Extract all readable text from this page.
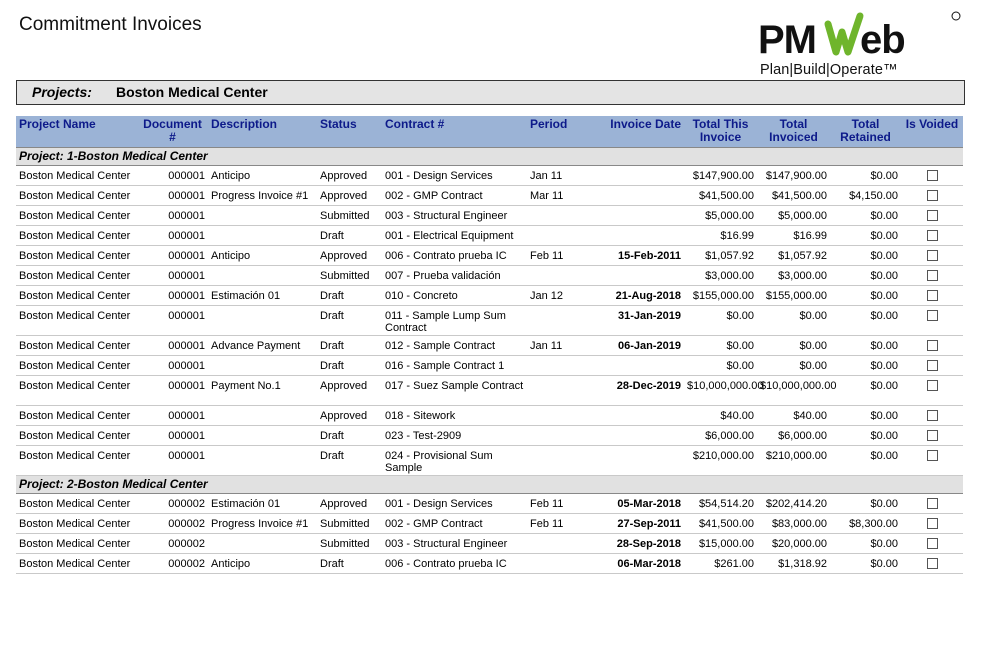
Commitment Invoices	PM eb
Plan|Build|Operate™
Projects: Boston Medical Center
Project Name	Document #	Description	Status	Contract #	Period	Invoice Date	Total This Invoice	Total Invoiced	Total Retained	Is Voided
Project: 1-Boston Medical Center										
Boston Medical Center	000001	Anticipo	Approved	001 - Design Services	Jan 11		$147,900.00	$147,900.00	$0.00	
Boston Medical Center	000001	Progress Invoice #1	Approved	002 - GMP Contract	Mar 11		$41,500.00	$41,500.00	$4,150.00	
Boston Medical Center	000001		Submitted	003 - Structural Engineer			$5,000.00	$5,000.00	$0.00	
Boston Medical Center	000001		Draft	001 - Electrical Equipment			$16.99	$16.99	$0.00	
Boston Medical Center	000001	Anticipo	Approved	006 - Contrato prueba IC	Feb 11	15-Feb-2011	$1,057.92	$1,057.92	$0.00	
Boston Medical Center	000001		Submitted	007 - Prueba validación			$3,000.00	$3,000.00	$0.00	
Boston Medical Center	000001	Estimación 01	Draft	010 - Concreto	Jan 12	21-Aug-2018	$155,000.00	$155,000.00	$0.00	
Boston Medical Center	000001		Draft	011 - Sample Lump Sum Contract		31-Jan-2019	$0.00	$0.00	$0.00	
Boston Medical Center	000001	Advance Payment	Draft	012 - Sample Contract	Jan 11	06-Jan-2019	$0.00	$0.00	$0.00	
Boston Medical Center	000001		Draft	016 - Sample Contract 1			$0.00	$0.00	$0.00	
Boston Medical Center	000001	Payment No.1	Approved	017 - Suez Sample Contract		28-Dec-2019	$10,000,000.00	$10,000,000.00	$0.00	
Boston Medical Center	000001		Approved	018 - Sitework			$40.00	$40.00	$0.00	
Boston Medical Center	000001		Draft	023 - Test-2909			$6,000.00	$6,000.00	$0.00	
Boston Medical Center	000001		Draft	024 - Provisional Sum Sample			$210,000.00	$210,000.00	$0.00	
Project: 2-Boston Medical Center										
Boston Medical Center	000002	Estimación 01	Approved	001 - Design Services	Feb 11	05-Mar-2018	$54,514.20	$202,414.20	$0.00	
Boston Medical Center	000002	Progress Invoice #1	Submitted	002 - GMP Contract	Feb 11	27-Sep-2011	$41,500.00	$83,000.00	$8,300.00	
Boston Medical Center	000002		Submitted	003 - Structural Engineer		28-Sep-2018	$15,000.00	$20,000.00	$0.00	
Boston Medical Center	000002	Anticipo	Draft	006 - Contrato prueba IC		06-Mar-2018	$261.00	$1,318.92	$0.00	
